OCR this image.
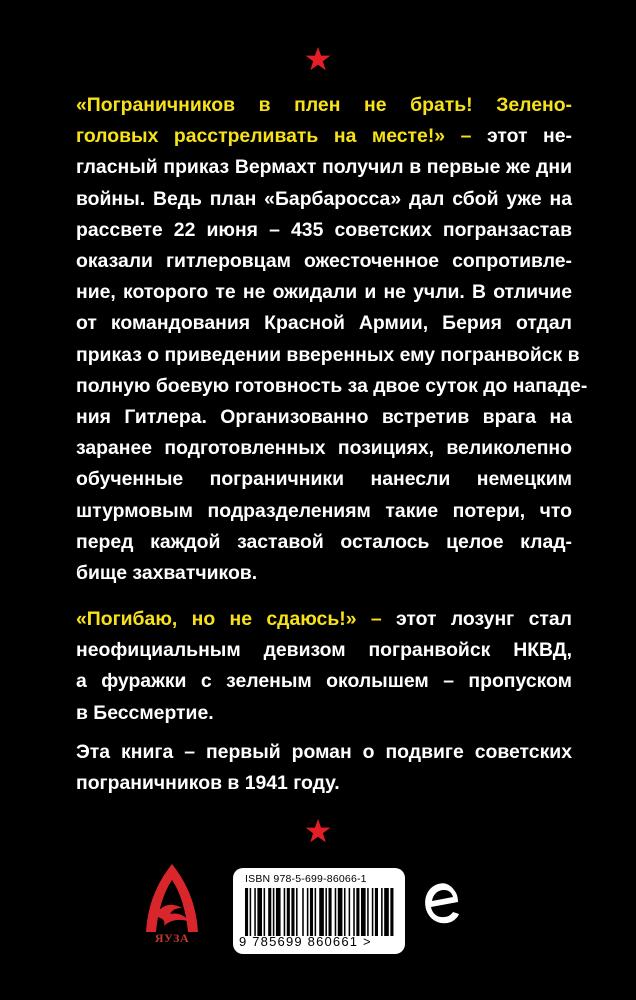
«Пограничников в плен не брать! Зелено-
головых расстреливать на месте!» – этот не-
гласный приказ Вермахт получил в первые же дни
войны. Ведь план «Барбаросса» дал сбой уже на
рассвете 22 июня – 435 советских погранзастав
оказали гитлеровцам ожесточенное сопротивле-
ние, которого те не ожидали и не учли. В отличие
от командования Красной Армии, Берия отдал
приказ о приведении вверенных ему погранвойск в
полную боевую готовность за двое суток до нападе-
ния Гитлера. Организованно встретив врага на
заранее подготовленных позициях, великолепно
обученные пограничники нанесли немецким
штурмовым подразделениям такие потери, что
перед каждой заставой осталось целое клад-
бище захватчиков.
«Погибаю, но не сдаюсь!» – этот лозунг стал
неофициальным девизом погранвойск НКВД,
а фуражки с зеленым околышем – пропуском
в Бессмертие.
Эта книга – первый роман о подвиге советских
пограничников в 1941 году.
ЯУЗА
ISBN 978-5-699-86066-1
9 785699 860661 >
